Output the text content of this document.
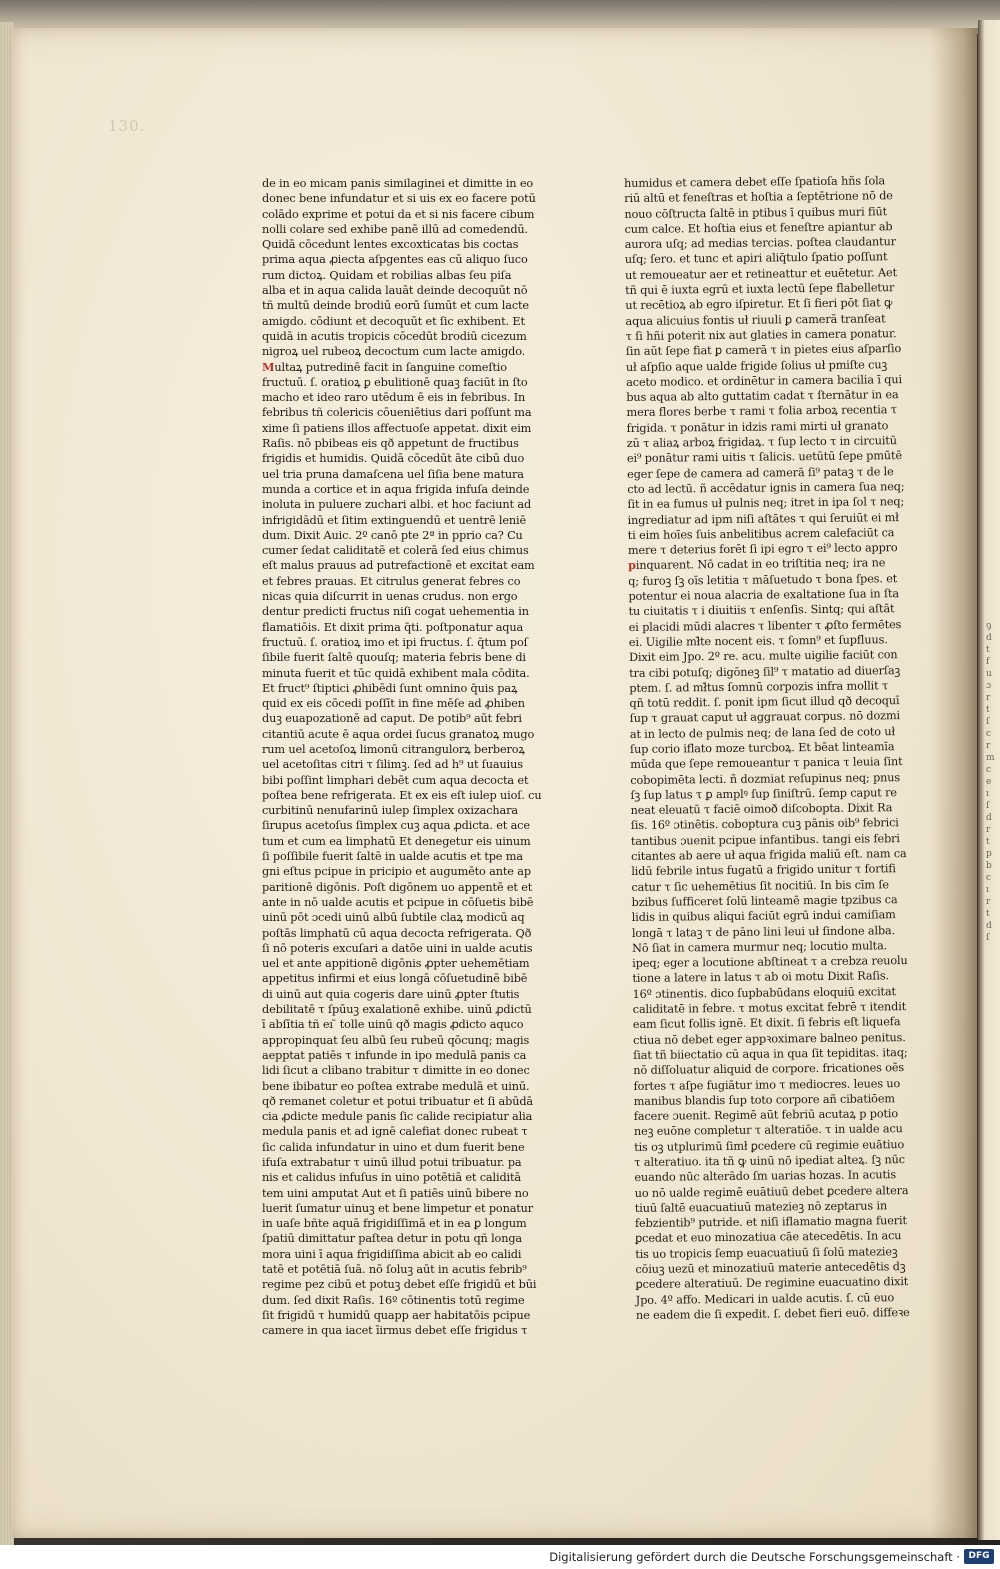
ꝯ
d
t
f
u
ɔ
r
t
ſ
c
r
m
c
e
ı
ſ
d
r
t
p
b
c
ı
r
t
d
ſ
130.
de in eo micam panis similaginei et dimitte in eo
donec bene infundatur et si uis ex eo facere potū
colādo exprime et potui da et si nis facere cibum
nolli colare sed exhibe panē illū ad comedendū.
Quidā cōcedunt lentes excoxticatas bis coctas
prima aqua ꝓiecta aſpgentes eas cū aliquo ſuco
rum dictoꝝ. Quidam et robilias albas ſeu piſa
alba et in aqua calida lauāt deinde decoquūt nō
tñ multū deinde brodiū eorū ſumūt et cum lacte
amigdo. cōdiunt et decoquūt et ſic exhibent. Et
quidā in acutis tropicis cōcedūt brodiū cicezum
nigroꝝ uel rubeoꝝ decoctum cum lacte amigdo.
Multaꝝ putredinē facit in ſanguine comeſtio
fructuū. ſ. oratioꝝ ꝑ ebulitionē quaꝫ faciūt in ſto
macho et ideo raro utēdum ē eis in febribus. In
febribus tñ colericis cōueniētius dari poſſunt ma
xime ſi patiens illos affectuoſe appetat. dixit eim
Raſis. nō pbibeas eis qð appetunt de fructibus
frigidis et humidis. Quidā cōcedūt āte cibū duo
uel tria pruna damaſcena uel ſiſia bene matura
munda a cortice et in aqua frigida infuſa deinde
inoluta in puluere zuchari albi. et hoc faciunt ad
infrigidādū et ſitim extinguendū et uentrē leniē
dum. Dixit Auic. 2º canō pte 2ª in pprio ca? Cu
cumer ſedat caliditatē et colerā ſed eius chimus
eſt malus prauus ad putrefactionē et excitat eam
et febres prauas. Et citrulus generat febres co
nicas quia diſcurrit in uenas crudus. non ergo
dentur predicti fructus niſi cogat uehementia in
flamatiōis. Et dixit prima q̄ti. poſtponatur aqua
fructuū. ſ. oratioꝝ imo et ipi fructus. ſ. q̄tum poſ
ſibile fuerit ſaltē quouſq; materia febris bene di
minuta fuerit et tūc quidā exhibent mala cōdita.
Et fruct⁹ ſtiptici ꝓhibēdi ſunt omnino q̄uis paꝝ
quid ex eis cōcedi poſſīt in fine mēſe ad ꝓhiben
duꝫ euapozationē ad caput. De potib⁹ aūt febri
citantiū acute ē aqua ordei ſucus granatoꝝ mugo
rum uel acetoſoꝝ limonū citrangulorꝝ berberoꝝ
uel acetoſitas citri τ ſilimꝫ. ſed ad h⁹ ut ſuauius
bibi poſſint limphari debēt cum aqua decocta et
poſtea bene refrigerata. Et ex eis eſt iulep uioſ. cu
curbitinū nenufarinū iulep ſimplex oxizachara
ſirupus acetoſus ſimplex cuꝫ aqua ꝓdicta. et ace
tum et cum ea limphatū Et denegetur eis uinum
ſi poſſibile fuerit ſaltē in ualde acutis et tpe ma
gni eſtus pcipue in pricipio et augumēto ante ap
paritionē digōnis. Poſt digōnem uo appentē et et
ante in nō ualde acutis et pcipue in cōſuetis bibē
uinū pōt ɔcedi uinū albū ſubtile claꝝ modicū aq
poſtās limphatū cū aqua decocta refrigerata. Qð
ſi nō poteris excuſari a datōe uini in ualde acutis
uel et ante appitionē digōnis ꝓpter uehemētiam
appetitus infirmi et eius longā cōſuetudinē bibē
di uinū aut quia cogeris dare uinū ꝓpter ſtutis
debilitatē τ ſpūuꝫ exalationē exhibe. uinū ꝓdictū
ī abſītia tñ eı ̄ tolle uinū qð magis ꝓdicto aquco
appropinquat ſeu albū ſeu rubeū qōcunq; magis
aepptat patiēs τ infunde in ipo medulā panis ca
lidi ſicut a clibano trabitur τ dimitte in eo donec
bene ibibatur eo poſtea extrabe medulā et uinū.
qð remanet coletur et potui tribuatur et ſi abūdā
cia ꝓdicte medule panis ſic calide recipiatur alia
medula panis et ad ignē calefiat donec rubeat τ
ſic calida infundatur in uino et dum fuerit bene
ifuſa extrabatur τ uinū illud potui tribuatur. pa
nis et calidus infuſus in uino potētiā et caliditā
tem uini amputat Aut et ſi patiēs uinū bibere no
luerit ſumatur uinuꝫ et bene limpetur et ponatur
in uaſe bñte aquā frigidiſſimā et in ea ꝑ longum
ſpatiū dimittatur paſtea detur in potu qñ longa
mora uini ī aqua frigidiſſima abicit ab eo calidi
tatē et potētiā ſuā. nō ſoluꝫ aūt in acutis febrib⁹
regime pez cibū et potuꝫ debet eſſe frigidū et būi
dum. ſed dixit Raſis. 16º cōtinentis totū regime
ſit frigidū τ humidū quapp aer habitatōis pcipue
camere in qua iacet īirmus debet eſſe frigidus τ
humidus et camera debet eſſe ſpatioſa hñs ſola
riū altū et feneſtras et hoſtia a ſeptētrione nō de
nouo cōſtructa ſaltē in ptibus ī quibus muri fiūt
cum calce. Et hoſtia eius et feneſtre apiantur ab
aurora uſq; ad medias tercias. poſtea claudantur
uſq; ſero. et tunc et apiri aliq̄tulo ſpatio poſſunt
ut remoueatur aer et retineattur et euētetur. Aet
tñ qui ē iuxta egrū et iuxta lectū ſepe flabelletur
ut recētioꝝ ab egro iſpiretur. Et ſi fieri pōt ſiat ꝙ
aqua alicuius fontis uł riuuli ꝑ camerā tranſeat
τ ſi hñi poterit nix aut glaties in camera ponatur.
ſin aūt ſepe fiat ꝑ camerā τ in pietes eius aſparſio
uł aſpſio aque ualde frigide ſolius uł pmiſte cuꝫ
aceto modico. et ordinētur in camera bacilia ī qui
bus aqua ab alto guttatim cadat τ ſternātur in ea
mera flores berbe τ rami τ folia arboꝝ recentia τ
frigida. τ ponātur in idzis rami mirti uł granato
zū τ aliaꝝ arboꝝ frigidaꝝ. τ ſup lecto τ in circuitū
ei⁹ ponātur rami uitis τ ſalicis. uetūtū ſepe pmūtē
eger ſepe de camera ad camerā ſi⁹ pataꝫ τ de le
cto ad lectū. ñ accēdatur ignis in camera ſua neq;
ſit in ea fumus uł pulnis neq; itret in ipa ſol τ neq;
ingrediatur ad ipm niſi aſtātes τ qui ſeruiūt ei mł
ti eim hoīes ſuis anbelitibus acrem calefaciūt ca
mere τ deterius forēt ſi ipi egro τ ei⁹ lecto appro
pinquarent. Nō cadat in eo triſtitia neq; ira ne
q; furoꝫ ſꝫ oīs letitia τ māſuetudo τ bona ſpes. et
potentur ei noua alacria de exaltatione ſua in ſta
tu ciuitatis τ i diuitiis τ enſenſis. Sintq; qui aſtāt
ei placidi mūdi alacres τ libenter τ ꝓſto fermētes
ei. Uigilie mł̄te nocent eis. τ ſomn⁹ et ſupfluus.
Dixit eim Jpo. 2º re. acu. multe uigilie faciūt con
tra cibi potuſq; digōneꝫ ſil⁹ τ matatio ad diuerſaꝫ
ptem. ſ. ad mł̄tus ſomnū corpozis infra mollit τ
qñ totū reddit. ſ. ponit ipm ſicut illud qð decoquī
ſup τ grauat caput uł aggrauat corpus. nō dozmi
at in lecto de pulmis neq; de lana ſed de coto uł
ſup corio iflato moze turcboꝝ. Et bēat linteamīa
mūda que ſepe remoueantur τ panica τ leuia ſint
cobopimēta lecti. ñ dozmiat reſupinus neq; pnus
ſꝫ ſup latus τ ꝑ amplꝰ ſup ſiniſtrū. ſemp caput re
neat eleuatū τ faciē oimoð diſcobopta. Dixit Ra
ſis. 16º ɔtinētis. coboptura cuꝫ pānis oib⁹ febrici
tantibus ɔuenit pcipue infantibus. tangi eis febri
citantes ab aere uł aqua frigida maliū eſt. nam ca
lidū febrile intus fugatū a frigido unitur τ fortifi
catur τ ſic uehemētius ſit nocitiū. In bis cīm ſe
bzibus ſufficeret ſolū linteamē magie tpzibus ca
lidis in quibus aliqui faciūt egrū indui camiſiam
longā τ lataꝫ τ de pāno lini leui uł ſindone alba.
Nō ſiat in camera murmur neq; locutio multa.
ipeq; eger a locutione abſtineat τ a crebza reuolu
tione a latere in latus τ ab oi motu Dixit Raſis.
16º ɔtinentis. dico ſupbabūdans eloquiū excitat
caliditatē in febre. τ motus excitat febrē τ itendit
eam ſicut follis ignē. Et dixit. ſi febris eſt liquefa
ctiua nō debet eger appꝛoximare balneo penitus.
ſiat tñ biiectatio cū aqua in qua ſit tepiditas. itaq;
nō diſſoluatur aliquid de corpore. fricationes oēs
fortes τ aſpe fugiātur imo τ mediocres. leues uo
manibus blandis ſup toto corpore añ cibatiōem
facere ɔuenit. Regimē aūt febriū acutaꝝ p potio
neꝫ euōne completur τ alteratiōe. τ in ualde acu
tis oꝫ utplurimū ſimł ꝑcedere cū regimie euātiuo
τ alteratiuo. ita tñ ꝙ uinū nō ipediat alteꝝ. ſꝫ nūc
euando nūc alterādo ſm uarias hozas. In acutis
uo nō ualde regimē euātiuū debet ꝑcedere altera
tiuū ſaltē euacuatiuū matezieꝫ nō zeptarus in
febzientib⁹ putride. et niſi iflamatio magna fuerit
ꝑcedat et euo minozatiua cāe atecedētis. In acu
tis uo tropicis ſemp euacuatiuū ſi ſolū matezieꝫ
cōiuꝫ uezū et minozatiuū materie antecedētis dꝫ
ꝑcedere alteratiuū. De regimine euacuatino dixit
Jpo. 4º affo. Medicari in ualde acutis. ſ. cū euo
ne eadem die ſi expedit. ſ. debet fieri euō. diffeꝛe
Digitalisierung gefördert durch die Deutsche Forschungsgemeinschaft · DFG
